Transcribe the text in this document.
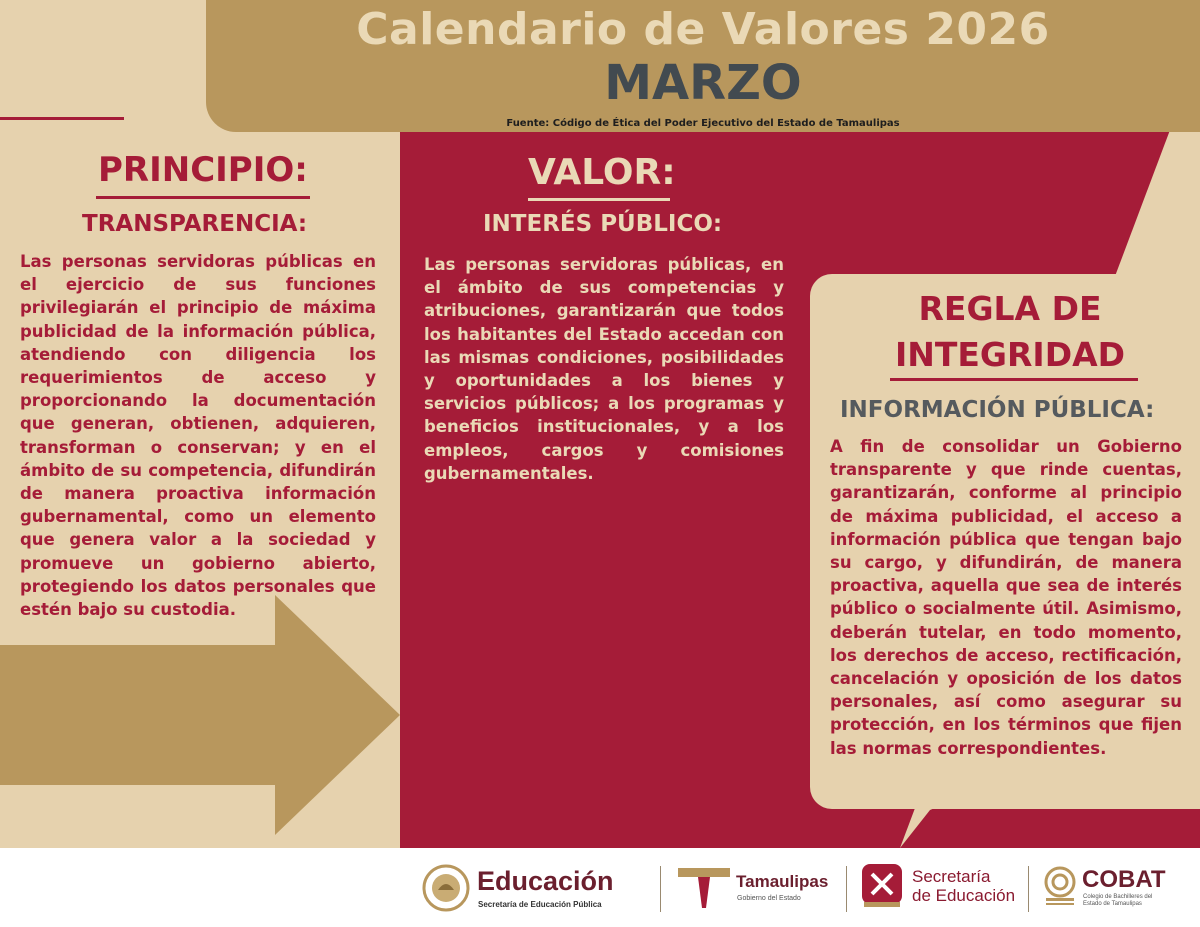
Calendario de Valores 2026
MARZO
Fuente: Código de Ética del Poder Ejecutivo del Estado de Tamaulipas
PRINCIPIO:
TRANSPARENCIA:
Las personas servidoras públicas en el ejercicio de sus funciones privilegiarán el principio de máxima publicidad de la información pública, atendiendo con diligencia los requerimientos de acceso y proporcionando la documentación que generan, obtienen, adquieren, transforman o conservan; y en el ámbito de su competencia, difundirán de manera proactiva información gubernamental, como un elemento que genera valor a la sociedad y promueve un gobierno abierto, protegiendo los datos personales que estén bajo su custodia.
VALOR:
INTERÉS PÚBLICO:
Las personas servidoras públicas, en el ámbito de sus competencias y atribuciones, garantizarán que todos los habitantes del Estado accedan con las mismas condiciones, posibilidades y oportunidades a los bienes y servicios públicos; a los programas y beneficios institucionales, y a los empleos, cargos y comisiones gubernamentales.
REGLA DE
INTEGRIDAD
INFORMACIÓN PÚBLICA:
A fin de consolidar un Gobierno transparente y que rinde cuentas, garantizarán, conforme al principio de máxima publicidad, el acceso a información pública que tengan bajo su cargo, y difundirán, de manera proactiva, aquella que sea de interés público o socialmente útil. Asimismo, deberán tutelar, en todo momento, los derechos de acceso, rectificación, cancelación y oposición de los datos personales, así como asegurar su protección, en los términos que fijen las normas correspondientes.
Educación
Secretaría de Educación Pública
Tamaulipas
Gobierno del Estado
Secretaría
de Educación
COBAT
Colegio de Bachilleres del
Estado de Tamaulipas
